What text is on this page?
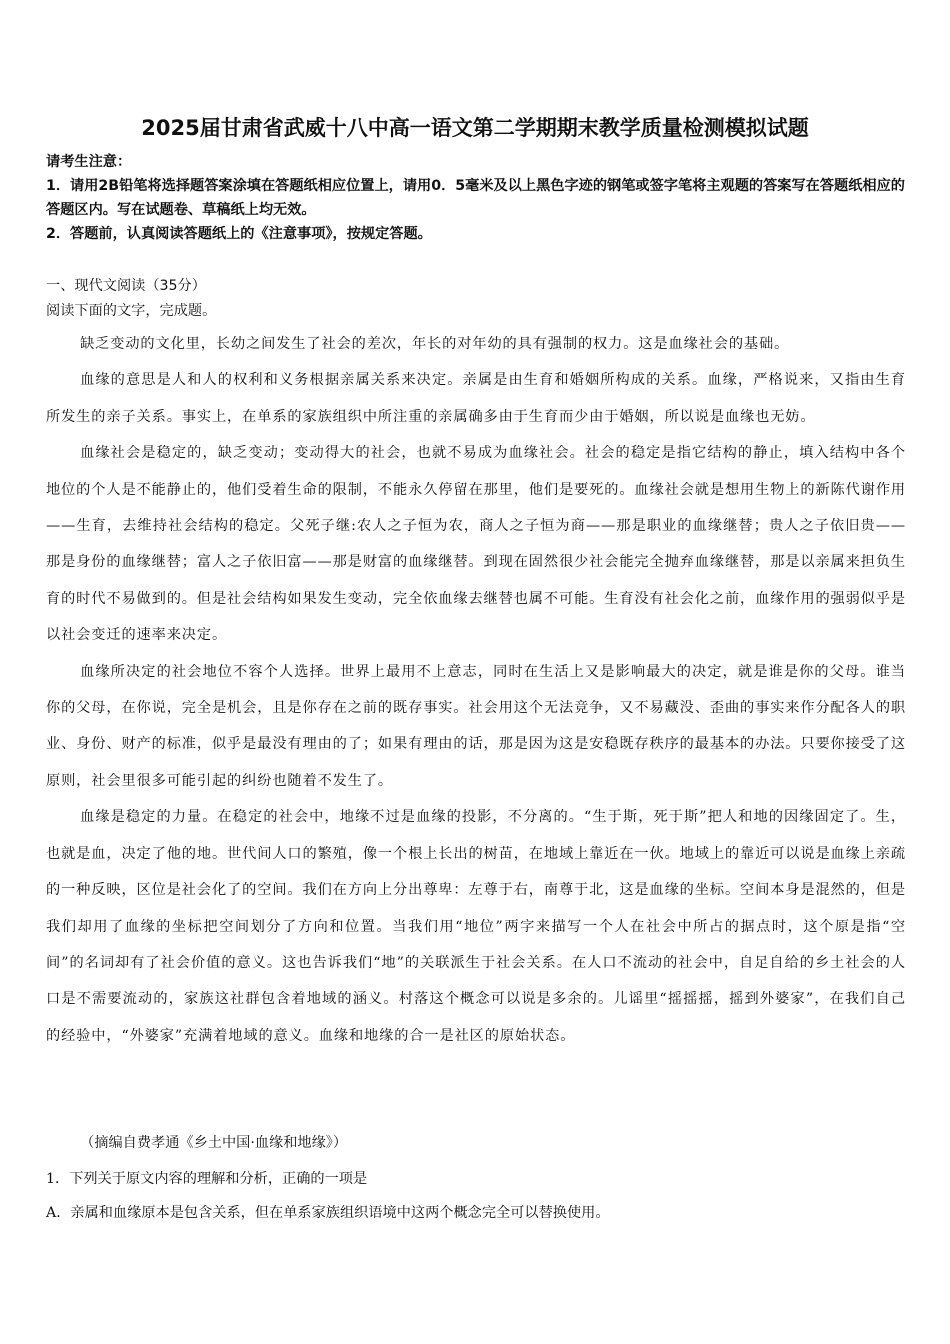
2025届甘肃省武威十八中高一语文第二学期期末教学质量检测模拟试题
请考生注意：
1．请用2B铅笔将选择题答案涂填在答题纸相应位置上，请用0．5毫米及以上黑色字迹的钢笔或签字笔将主观题的答案写在答题纸相应的答题区内。写在试题卷、草稿纸上均无效。
2．答题前，认真阅读答题纸上的《注意事项》，按规定答题。
一、现代文阅读（35分）
阅读下面的文字，完成题。

缺乏变动的文化里，长幼之间发生了社会的差次，年长的对年幼的具有强制的权力。这是血缘社会的基础。

血缘的意思是人和人的权利和义务根据亲属关系来决定。亲属是由生育和婚姻所构成的关系。血缘，严格说来，又指由生育所发生的亲子关系。事实上，在单系的家族组织中所注重的亲属确多由于生育而少由于婚姻，所以说是血缘也无妨。

血缘社会是稳定的，缺乏变动；变动得大的社会，也就不易成为血缘社会。社会的稳定是指它结构的静止，填入结构中各个地位的个人是不能静止的，他们受着生命的限制，不能永久停留在那里，他们是要死的。血缘社会就是想用生物上的新陈代谢作用——生育，去维持社会结构的稳定。父死子继:农人之子恒为农，商人之子恒为商——那是职业的血缘继替；贵人之子依旧贵——那是身份的血缘继替；富人之子依旧富——那是财富的血缘继替。到现在固然很少社会能完全抛弃血缘继替，那是以亲属来担负生育的时代不易做到的。但是社会结构如果发生变动，完全依血缘去继替也属不可能。生育没有社会化之前，血缘作用的强弱似乎是以社会变迁的速率来决定。

血缘所决定的社会地位不容个人选择。世界上最用不上意志，同时在生活上又是影响最大的决定，就是谁是你的父母。谁当你的父母，在你说，完全是机会，且是你存在之前的既存事实。社会用这个无法竞争，又不易藏没、歪曲的事实来作分配各人的职业、身份、财产的标准，似乎是最没有理由的了；如果有理由的话，那是因为这是安稳既存秩序的最基本的办法。只要你接受了这原则，社会里很多可能引起的纠纷也随着不发生了。

血缘是稳定的力量。在稳定的社会中，地缘不过是血缘的投影，不分离的。“生于斯，死于斯”把人和地的因缘固定了。生，也就是血，决定了他的地。世代间人口的繁殖，像一个根上长出的树苗，在地域上靠近在一伙。地域上的靠近可以说是血缘上亲疏的一种反映，区位是社会化了的空间。我们在方向上分出尊卑：左尊于右，南尊于北，这是血缘的坐标。空间本身是混然的，但是我们却用了血缘的坐标把空间划分了方向和位置。当我们用“地位”两字来描写一个人在社会中所占的据点时，这个原是指“空间”的名词却有了社会价值的意义。这也告诉我们“地”的关联派生于社会关系。在人口不流动的社会中，自足自给的乡土社会的人口是不需要流动的，家族这社群包含着地域的涵义。村落这个概念可以说是多余的。儿谣里“摇摇摇，摇到外婆家”，在我们自己的经验中，“外婆家”充满着地域的意义。血缘和地缘的合一是社区的原始状态。

（摘编自费孝通《乡土中国·血缘和地缘》）
1．下列关于原文内容的理解和分析，正确的一项是
A．亲属和血缘原本是包含关系，但在单系家族组织语境中这两个概念完全可以替换使用。
